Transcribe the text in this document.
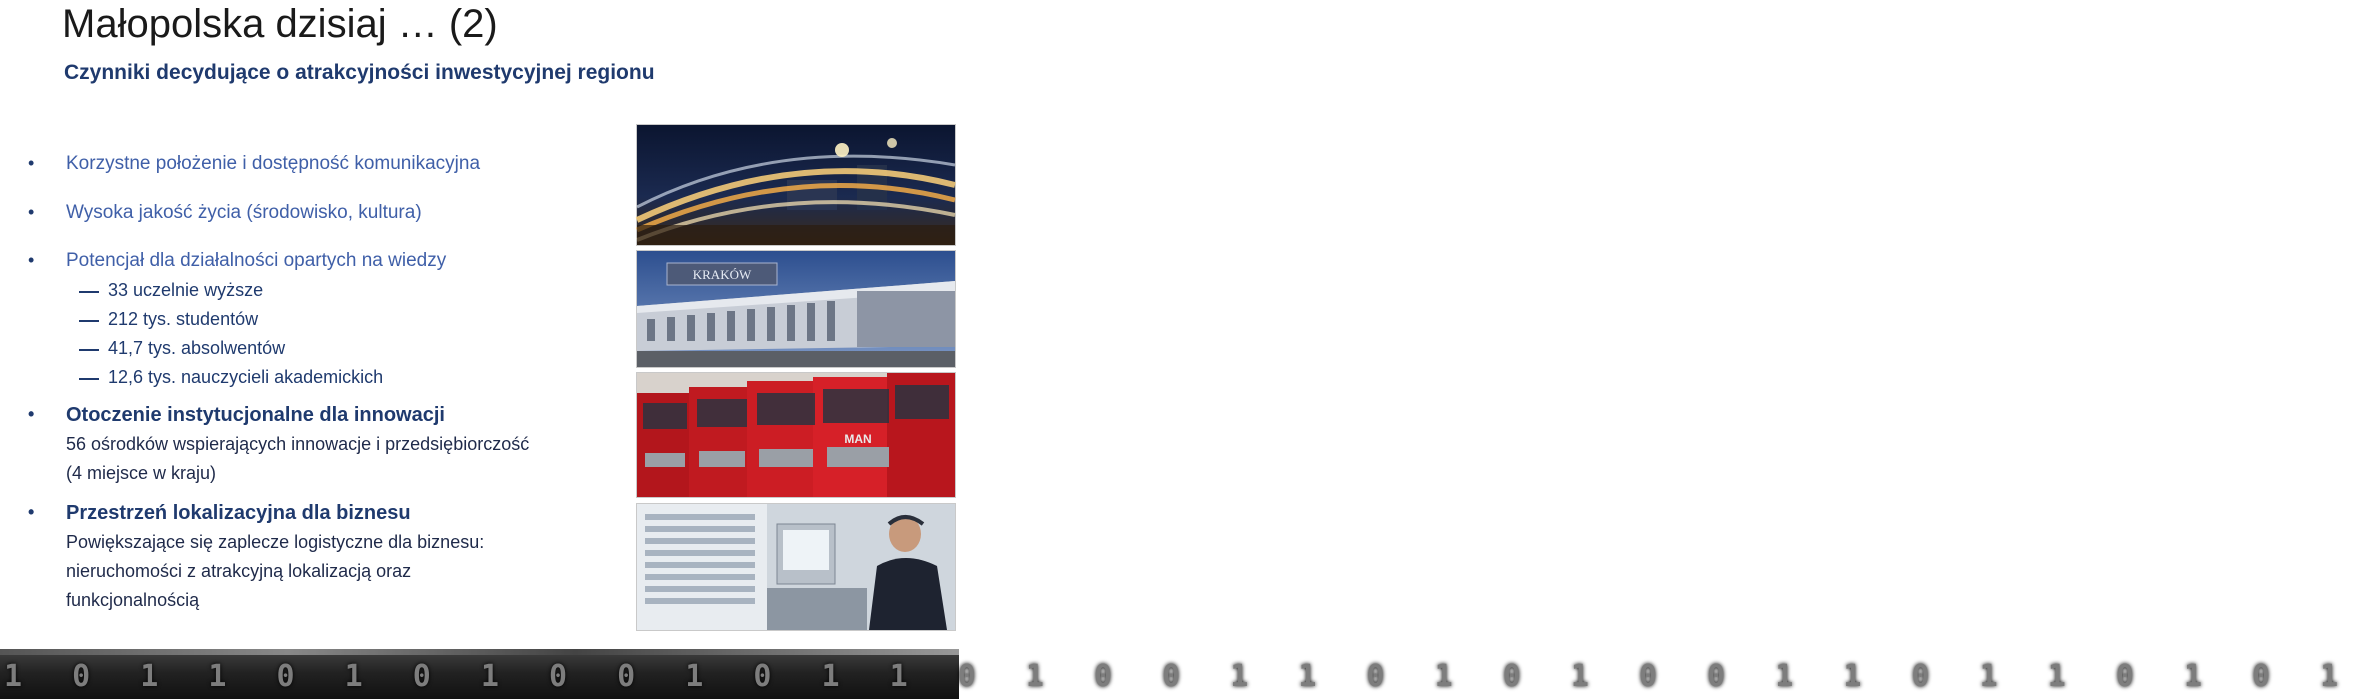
Małopolska dzisiaj … (2)
Czynniki decydujące o atrakcyjności inwestycyjnej regionu
• Korzystne położenie i dostępność komunikacyjna
• Wysoka jakość życia (środowisko, kultura)
• Potencjał dla działalności opartych na wiedzy
33 uczelnie wyższe
212 tys. studentów
41,7 tys. absolwentów
12,6 tys. nauczycieli akademickich
• Otoczenie instytucjonalne dla innowacji
56 ośrodków wspierających innowacje i przedsiębiorczość
(4 miejsce w kraju)
• Przestrzeń lokalizacyjna dla biznesu
Powiększające się zaplecze logistyczne dla biznesu:
nieruchomości z atrakcyjną lokalizacją oraz
funkcjonalnością
KRAKÓW
MAN
1 0 1 1 0 1 0 1 0 0 1 0 1 1 0 1 0 0 1 1 0 1 0 1 0 0 1 1 0 1 1 0 1 0 1
